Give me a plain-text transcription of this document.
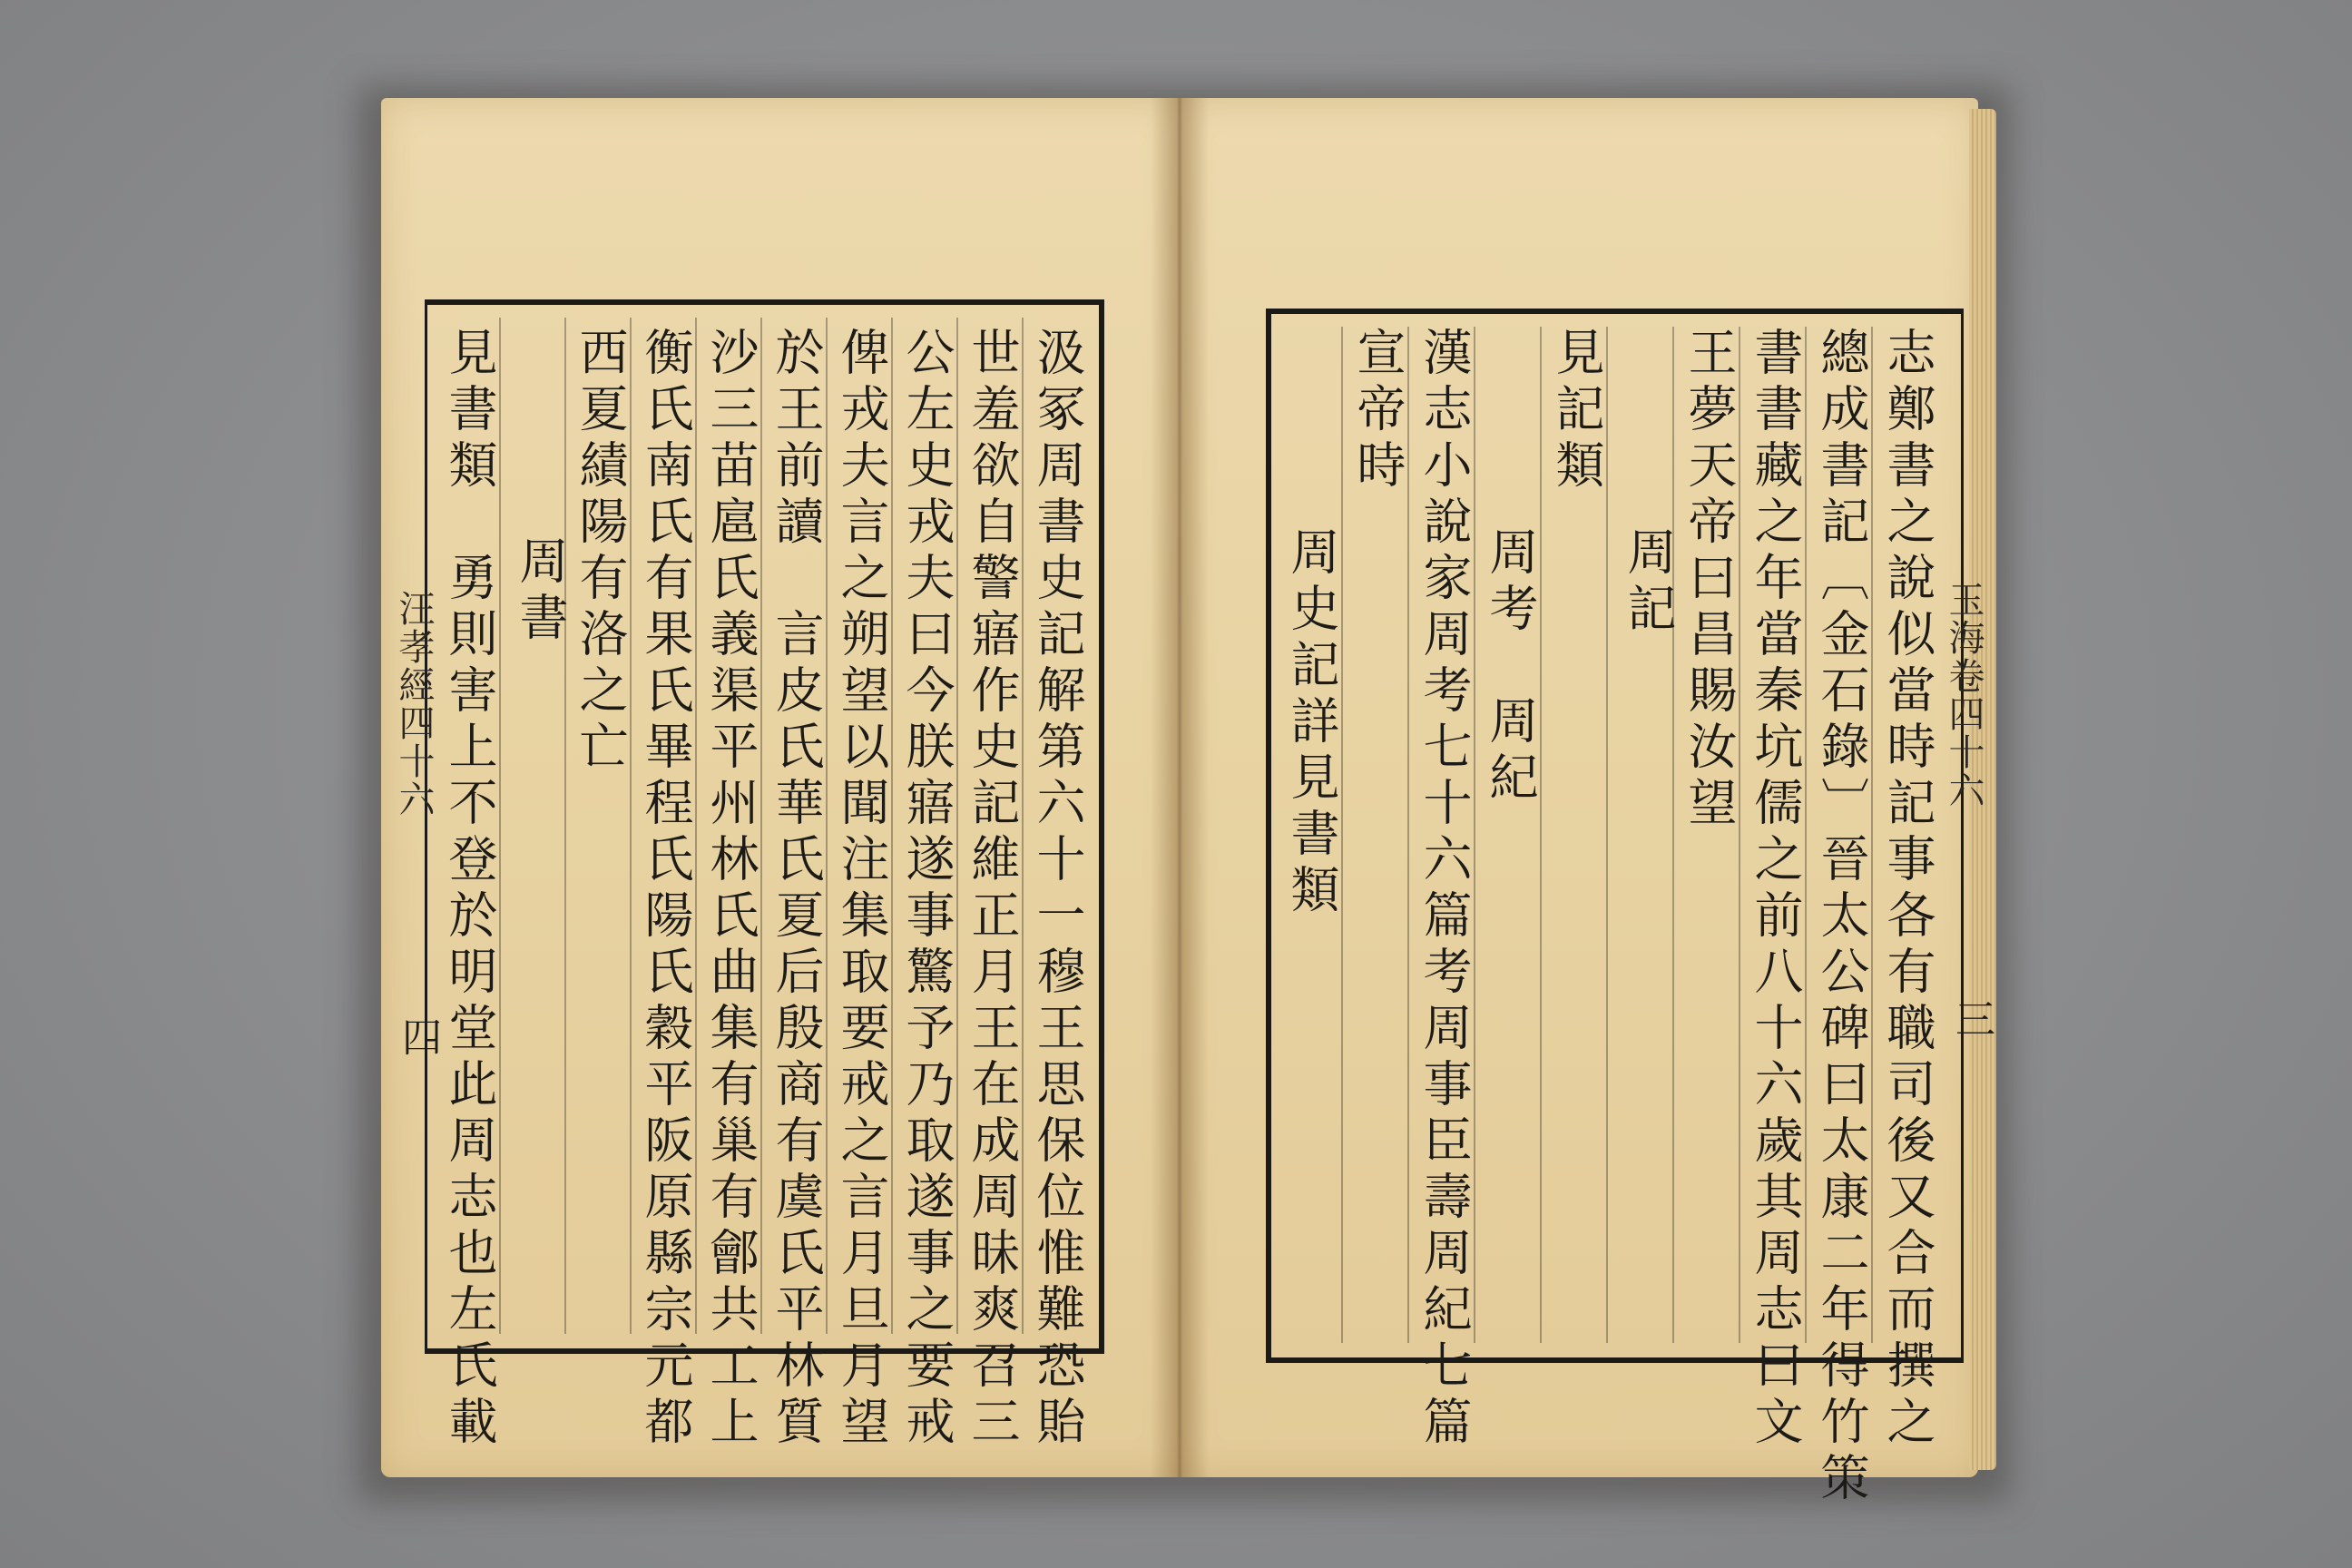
汲冢周書史記解第六十一穆王思保位惟難恐貽
世羞欲自警寤作史記維正月王在成周昧爽召三
公左史戎夫曰今朕寤遂事驚予乃取遂事之要戒
俾戎夫言之朔望以聞注集取要戒之言月旦月望
於王前讀　言皮氏華氏夏后殷商有虞氏平林質
沙三苗扈氏義渠平州林氏曲集有巢有鄶共工上
衡氏南氏有果氏畢程氏陽氏穀平阪原縣宗元都
西夏績陽有洛之亡
周書
見書類　勇則害上不登於明堂此周志也左氏載
汪孝經四十六
四	志鄭書之說似當時記事各有職司後又合而撰之
總成書記〔金石錄〕晉太公碑曰太康二年得竹策
書書藏之年當秦坑儒之前八十六歲其周志曰文
王夢天帝曰昌賜汝望
周記
見記類
周考　周紀
漢志小說家周考七十六篇考周事臣壽周紀七篇
宣帝時
周史記詳見書類	玉海卷四十六
三
